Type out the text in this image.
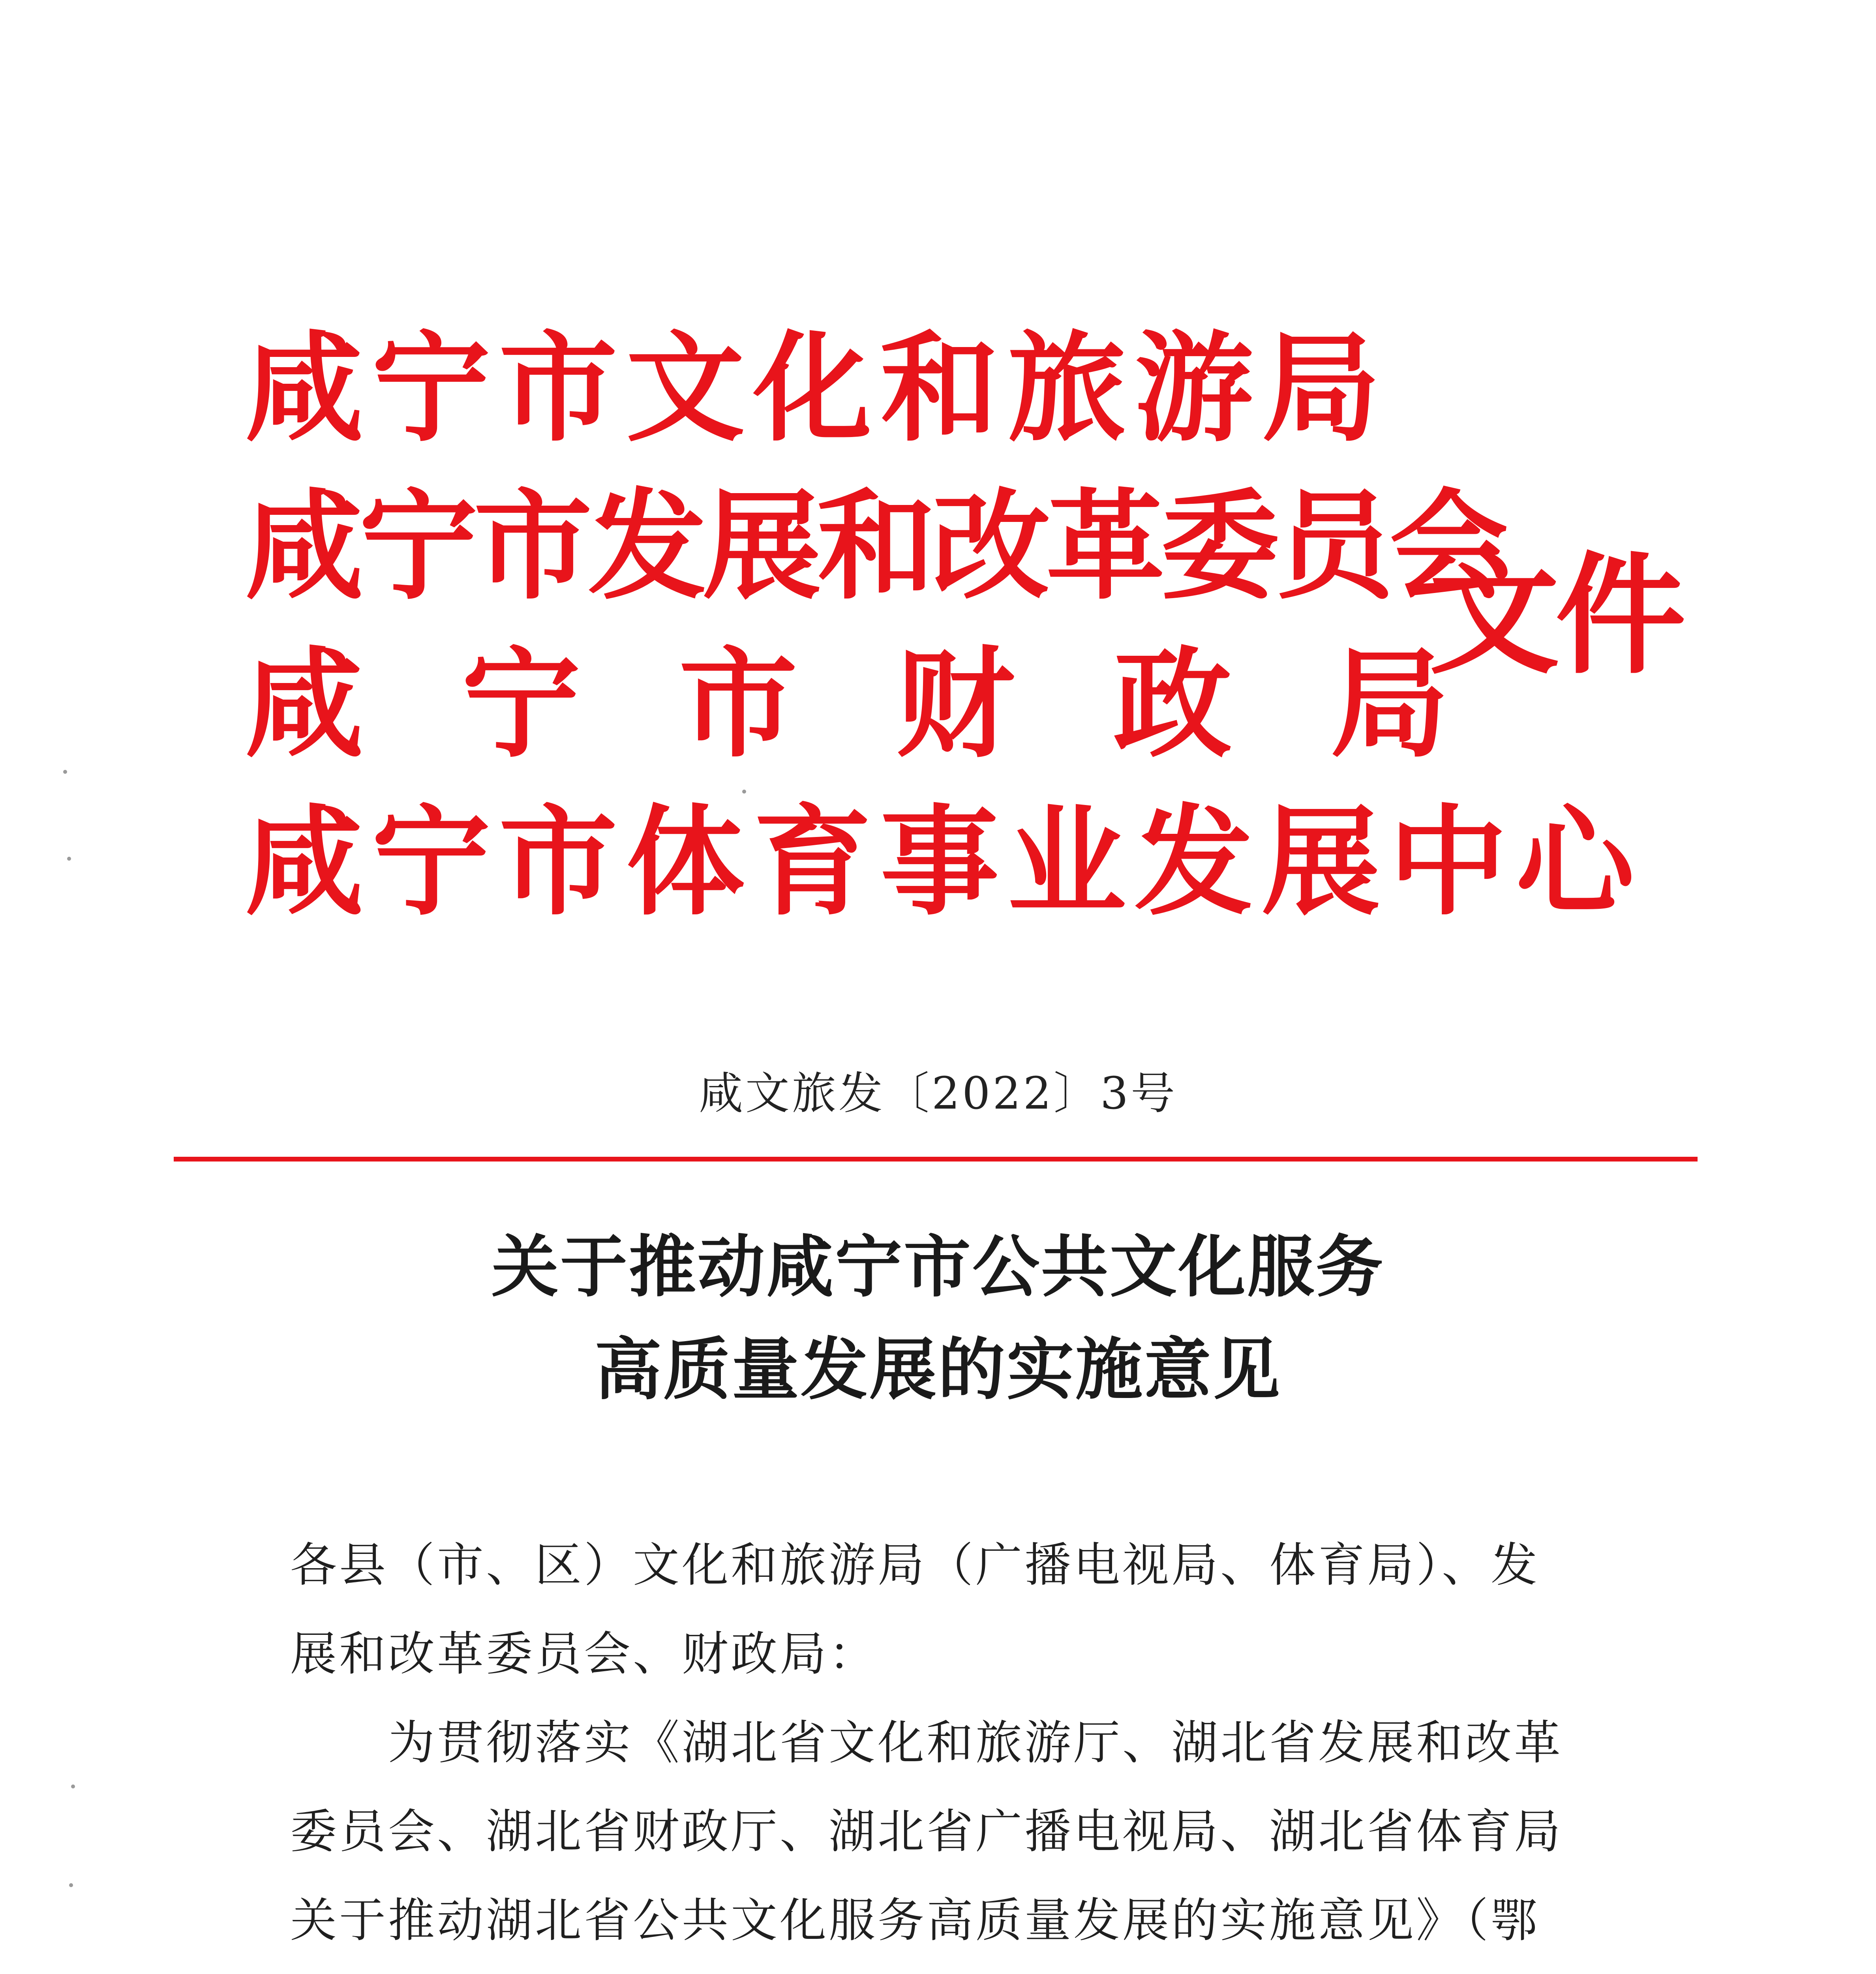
咸宁市文化和旅游局
咸宁市发展和改革委员会
咸 宁 市 财 政 局
咸宁市体育事业发展中心
文件
咸文旅发〔2022〕3号
关于推动咸宁市公共文化服务
高质量发展的实施意见
各县（市、区）文化和旅游局（广播电视局、体育局）、发
展和改革委员会、财政局：
　　为贯彻落实《湖北省文化和旅游厅、湖北省发展和改革
委员会、湖北省财政厅、湖北省广播电视局、湖北省体育局
关于推动湖北省公共文化服务高质量发展的实施意见》（鄂
